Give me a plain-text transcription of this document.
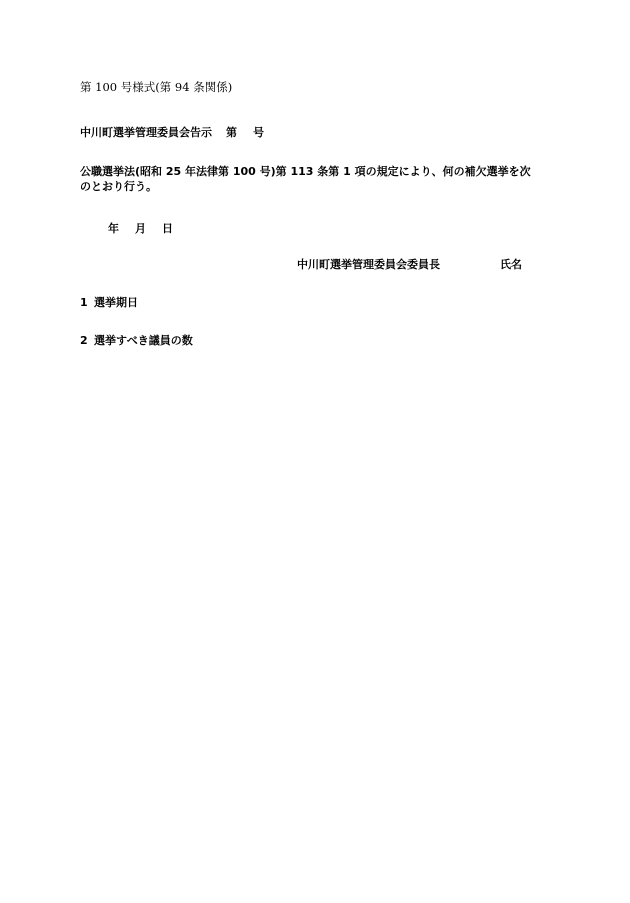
第 100 号様式(第 94 条関係)
中川町選挙管理委員会告示 第 号
公職選挙法(昭和 25 年法律第 100 号)第 113 条第 1 項の規定により、何の補欠選挙を次のとおり行う。
年 月 日
中川町選挙管理委員会委員長	氏名
1 選挙期日
2 選挙すべき議員の数
